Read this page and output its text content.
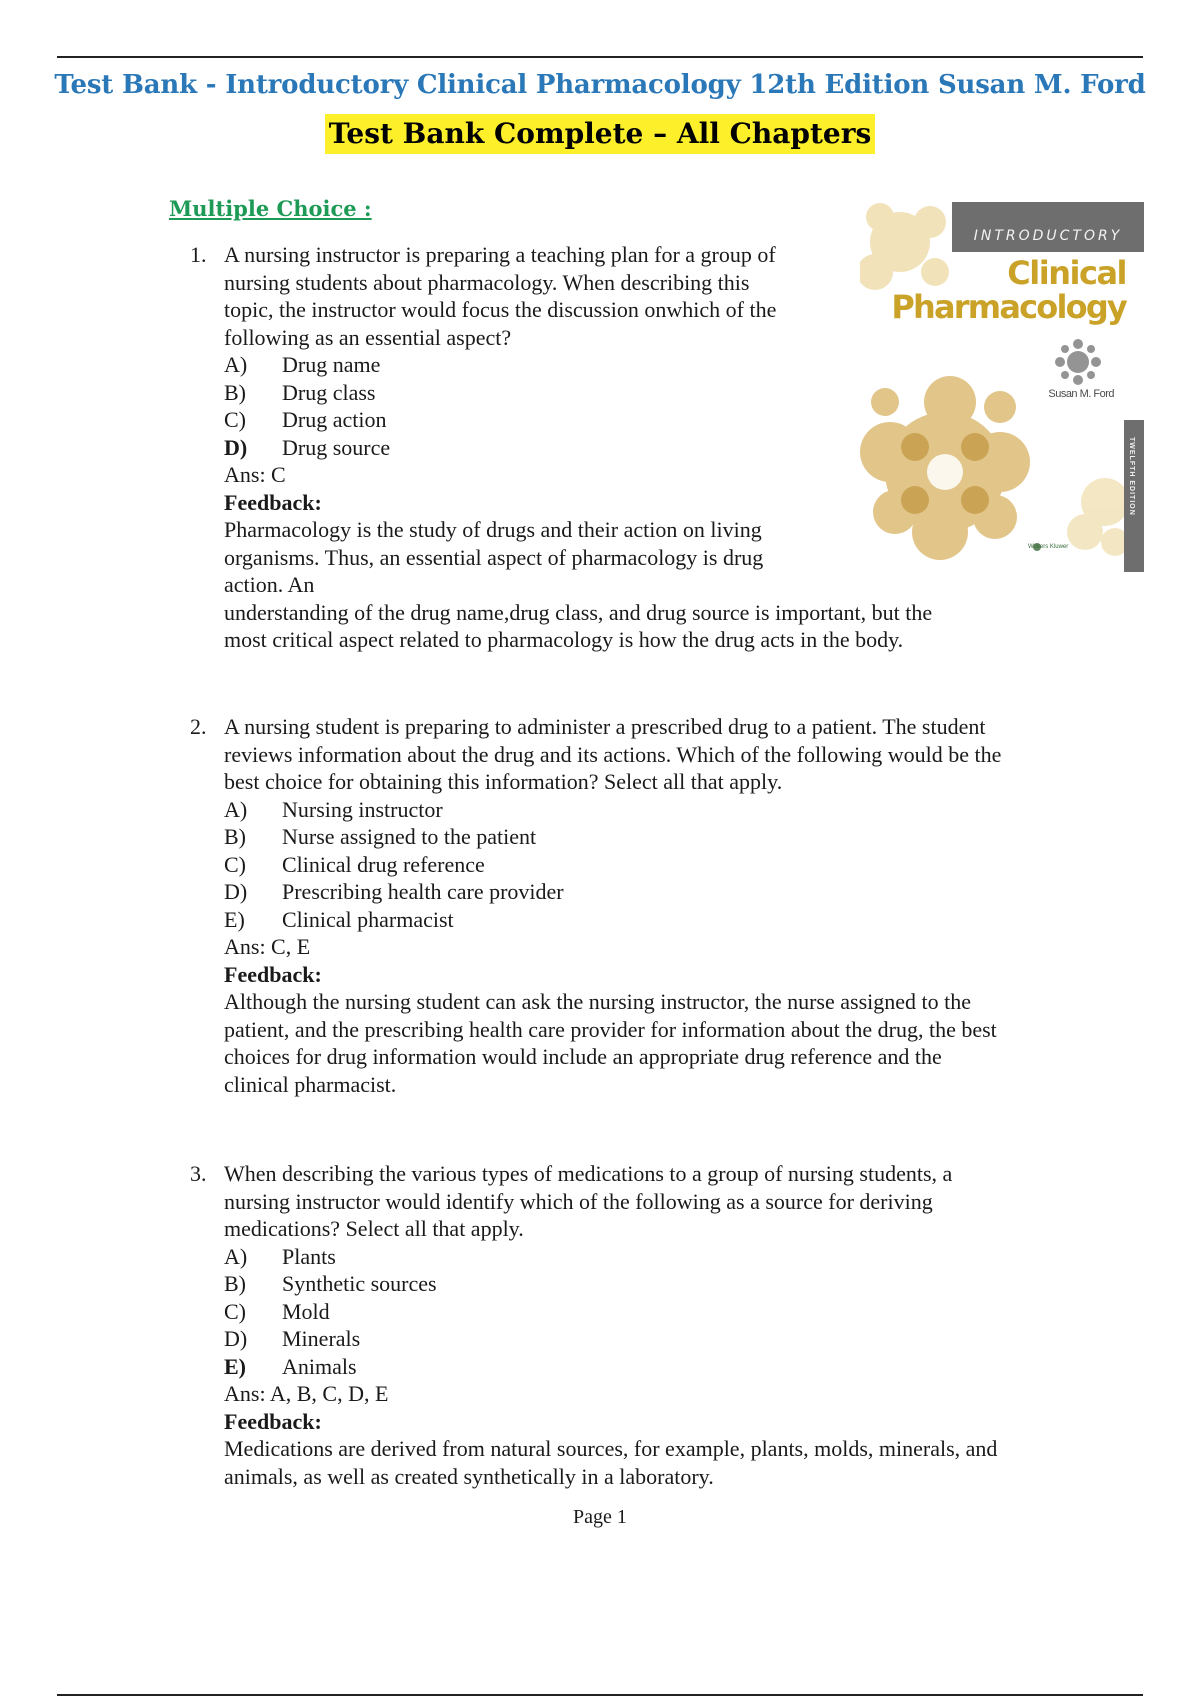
Test Bank - Introductory Clinical Pharmacology 12th Edition Susan M. Ford
Test Bank Complete – All Chapters
Multiple Choice :
INTRODUCTORY
Clinical
Pharmacology
Susan M. Ford
TWELFTH EDITION
Wolters Kluwer
1. A nursing instructor is preparing a teaching plan for a group of

nursing students about pharmacology. When describing this

topic, the instructor would focus the discussion onwhich of the

following as an essential aspect?

A)	Drug name
B)	Drug class
C)	Drug action
D)	Drug source

Ans: C

Feedback:

Pharmacology is the study of drugs and their action on living

organisms. Thus, an essential aspect of pharmacology is drug

action. An

understanding of the drug name,drug class, and drug source is important, but the

most critical aspect related to pharmacology is how the drug acts in the body.

2. A nursing student is preparing to administer a prescribed drug to a patient. The student

reviews information about the drug and its actions. Which of the following would be the

best choice for obtaining this information? Select all that apply.

A)	Nursing instructor
B)	Nurse assigned to the patient
C)	Clinical drug reference
D)	Prescribing health care provider
E)	Clinical pharmacist

Ans: C, E

Feedback:

Although the nursing student can ask the nursing instructor, the nurse assigned to the

patient, and the prescribing health care provider for information about the drug, the best

choices for drug information would include an appropriate drug reference and the

clinical pharmacist.

3. When describing the various types of medications to a group of nursing students, a

nursing instructor would identify which of the following as a source for deriving

medications? Select all that apply.

A)	Plants
B)	Synthetic sources
C)	Mold
D)	Minerals
E)	Animals

Ans: A, B, C, D, E

Feedback:

Medications are derived from natural sources, for example, plants, molds, minerals, and

animals, as well as created synthetically in a laboratory.

Page 1
